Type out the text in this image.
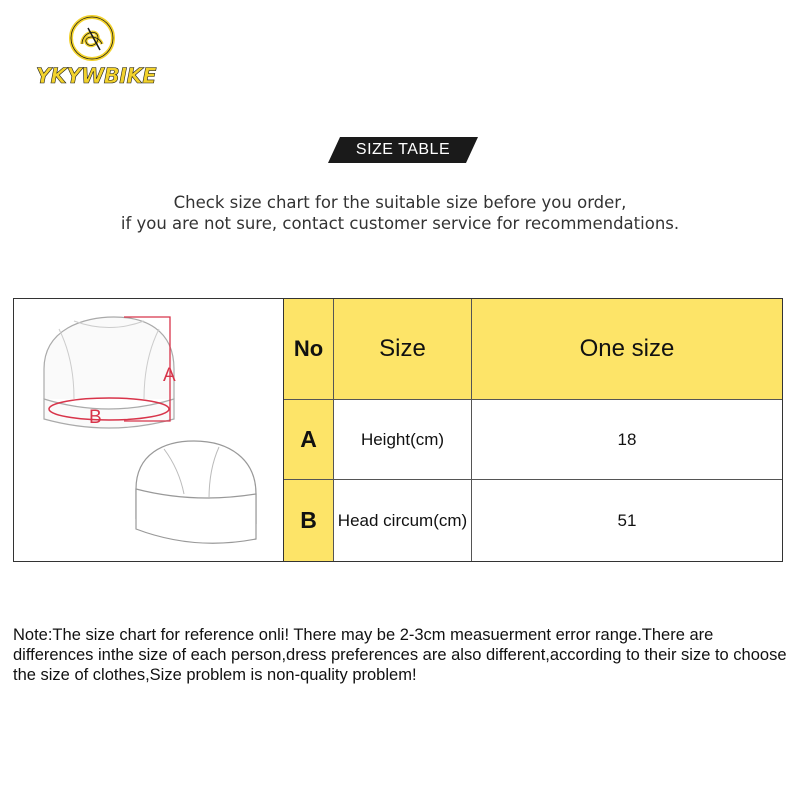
YKYWBIKE
SIZE TABLE
Check size chart for the suitable size before you order,
if you are not sure, contact customer service for recommendations.
A
B
No	Size	One size
A	Height(cm)	18
B	Head circum(cm)	51
Note:The size chart for reference onli! There may be 2-3cm measuerment error range.There are differences inthe size of each person,dress preferences are also different,according to their size to choose the size of clothes,Size problem is non-quality problem!
